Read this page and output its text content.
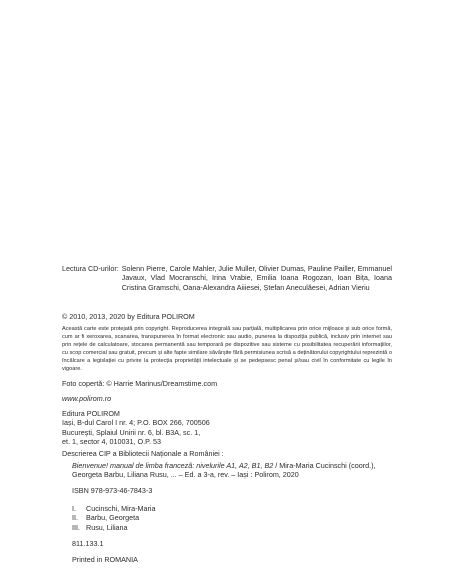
Lectura CD-urilor: Solenn Pierre, Carole Mahler, Julie Muller, Olivier Dumas, Pauline Pailler, Emmanuel Javaux, Vlad Mocranschi, Irina Vrabie, Emilia Ioana Rogozan, Ioan Bița, Ioana Cristina Gramschi, Oana-Alexandra Aiiiesei, Ștefan Aneculăesei, Adrian Vieriu
© 2010, 2013, 2020 by Editura POLIROM
Această carte este protejată prin copyright. Reproducerea integrală sau parțială, multiplicarea prin orice mijloace și sub orice formă, cum ar fi xeroxarea, scanarea, transpunerea în format electronic sau audio, punerea la dispoziția publică, inclusiv prin internet sau prin rețele de calculatoare, stocarea permanentă sau temporară pe dispozitive sau sisteme cu posibilitatea recuperării informațiilor, cu scop comercial sau gratuit, precum și alte fapte similare săvârșite fără permisiunea scrisă a deținătorului copyrightului reprezintă o încălcare a legislației cu privire la protecția proprietății intelectuale și se pedepsesc penal și/sau civil în conformitate cu legile în vigoare.
Foto copertă: © Harrie Marinus/Dreamstime.com
www.polirom.ro
Editura POLIROM
Iași, B-dul Carol I nr. 4; P.O. BOX 266, 700506
București, Splaiul Unirii nr. 6, bl. B3A, sc. 1,
et. 1, sector 4, 010031, O.P. 53
Descrierea CIP a Bibliotecii Naționale a României :
Bienvenue! manual de limba franceză: nivelurile A1, A2, B1, B2 / Mira-Maria Cucinschi (coord.),
Georgeta Barbu, Liliana Rusu, ... – Ed. a 3-a, rev. – Iași : Polirom, 2020
ISBN 978-973-46-7843-3
I.	Cucinschi, Mira-Maria
II.	Barbu, Georgeta
III. Rusu, Liliana
811.133.1
Printed in ROMANIA
